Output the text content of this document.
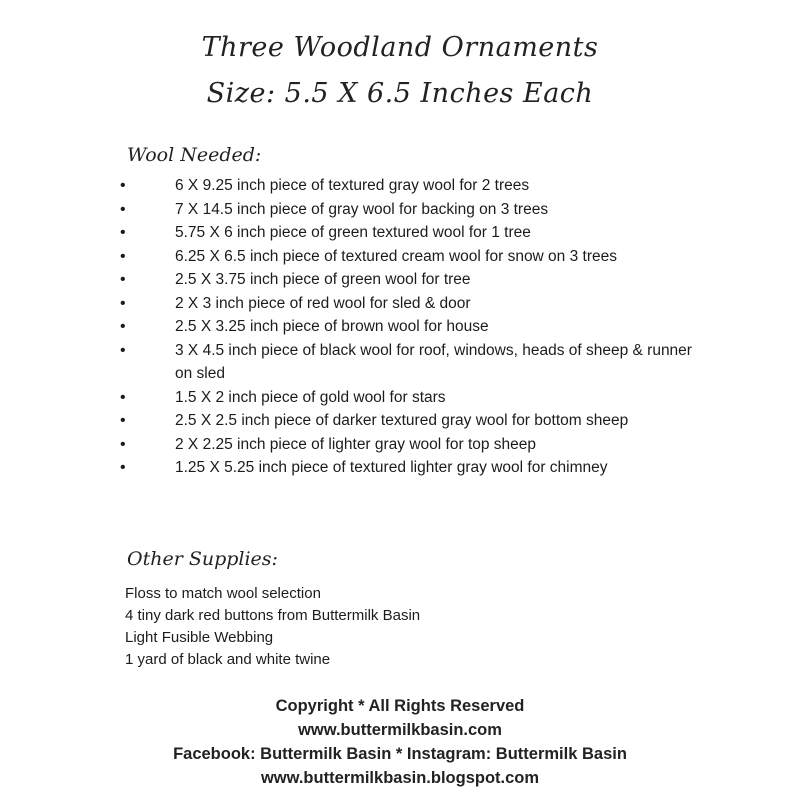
Three Woodland Ornaments
Size: 5.5 X 6.5 Inches Each
Wool Needed:
• 6 X 9.25 inch piece of textured gray wool for 2 trees
• 7 X 14.5 inch piece of gray wool for backing on 3 trees
• 5.75 X 6 inch piece of green textured wool for 1 tree
• 6.25 X 6.5 inch piece of textured cream wool for snow on 3 trees
• 2.5 X 3.75 inch piece of green wool for tree
• 2 X 3 inch piece of red wool for sled & door
• 2.5 X 3.25 inch piece of brown wool for house
• 3 X 4.5 inch piece of black wool for roof, windows, heads of sheep & runner on sled
• 1.5 X 2 inch piece of gold wool for stars
• 2.5 X 2.5 inch piece of darker textured gray wool for bottom sheep
• 2 X 2.25 inch piece of lighter gray wool for top sheep
• 1.25 X 5.25 inch piece of textured lighter gray wool for chimney
Other Supplies:
Floss to match wool selection
4 tiny dark red buttons from Buttermilk Basin
Light Fusible Webbing
1 yard of black and white twine
Copyright * All Rights Reserved
www.buttermilkbasin.com
Facebook: Buttermilk Basin * Instagram: Buttermilk Basin
www.buttermilkbasin.blogspot.com
